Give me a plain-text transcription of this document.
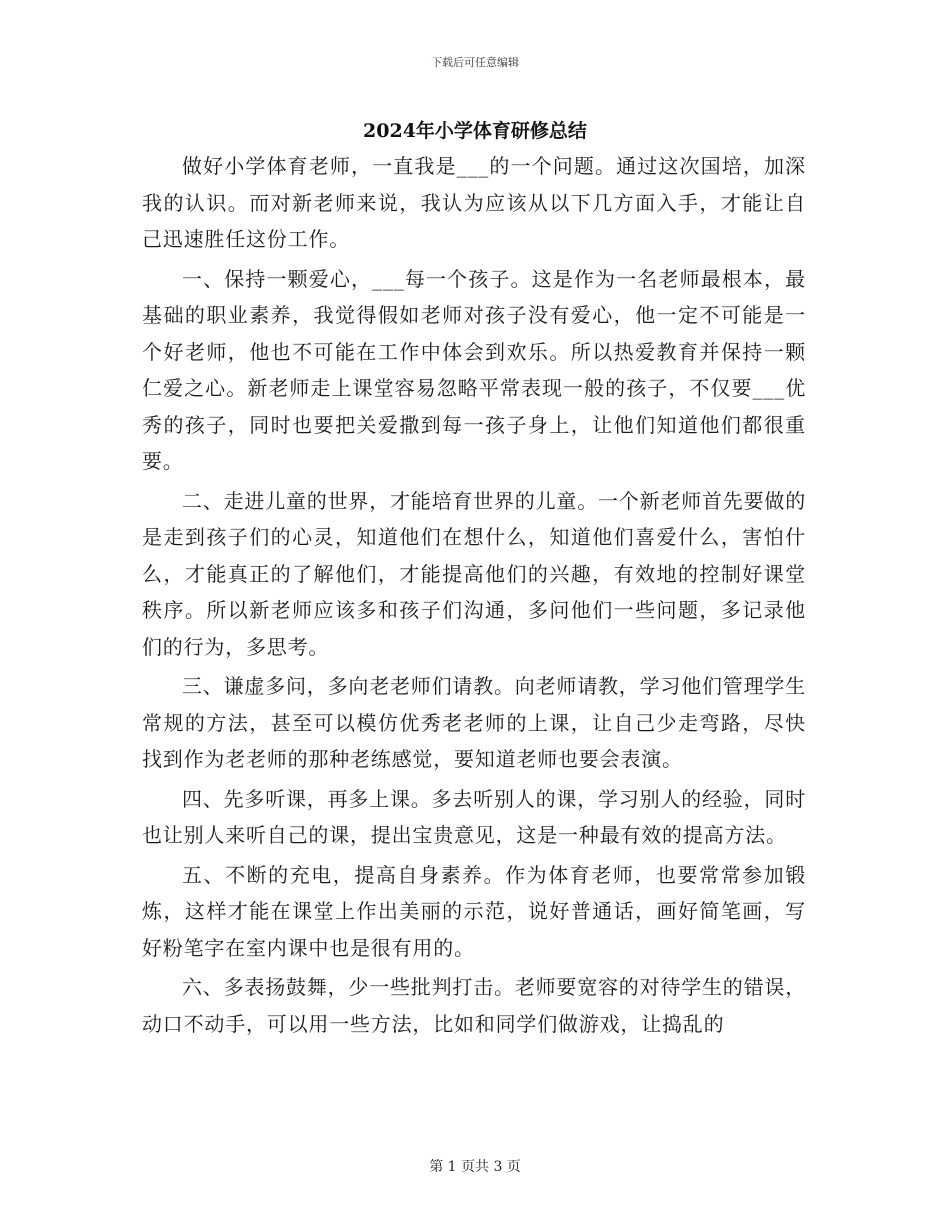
下载后可任意编辑
2024年小学体育研修总结

做好小学体育老师，一直我是___的一个问题。通过这次国培，加深我的认识。而对新老师来说，我认为应该从以下几方面入手，才能让自己迅速胜任这份工作。

一、保持一颗爱心，___每一个孩子。这是作为一名老师最根本，最基础的职业素养，我觉得假如老师对孩子没有爱心，他一定不可能是一个好老师，他也不可能在工作中体会到欢乐。所以热爱教育并保持一颗仁爱之心。新老师走上课堂容易忽略平常表现一般的孩子，不仅要___优秀的孩子，同时也要把关爱撒到每一孩子身上，让他们知道他们都很重要。

二、走进儿童的世界，才能培育世界的儿童。一个新老师首先要做的是走到孩子们的心灵，知道他们在想什么，知道他们喜爱什么，害怕什么，才能真正的了解他们，才能提高他们的兴趣，有效地的控制好课堂秩序。所以新老师应该多和孩子们沟通，多问他们一些问题，多记录他们的行为，多思考。

三、谦虚多问，多向老老师们请教。向老师请教，学习他们管理学生常规的方法，甚至可以模仿优秀老老师的上课，让自己少走弯路，尽快找到作为老老师的那种老练感觉，要知道老师也要会表演。

四、先多听课，再多上课。多去听别人的课，学习别人的经验，同时也让别人来听自己的课，提出宝贵意见，这是一种最有效的提高方法。

五、不断的充电，提高自身素养。作为体育老师，也要常常参加锻炼，这样才能在课堂上作出美丽的示范，说好普通话，画好简笔画，写好粉笔字在室内课中也是很有用的。

六、多表扬鼓舞，少一些批判打击。老师要宽容的对待学生的错误，动口不动手，可以用一些方法，比如和同学们做游戏，让捣乱的

第 1 页共 3 页
